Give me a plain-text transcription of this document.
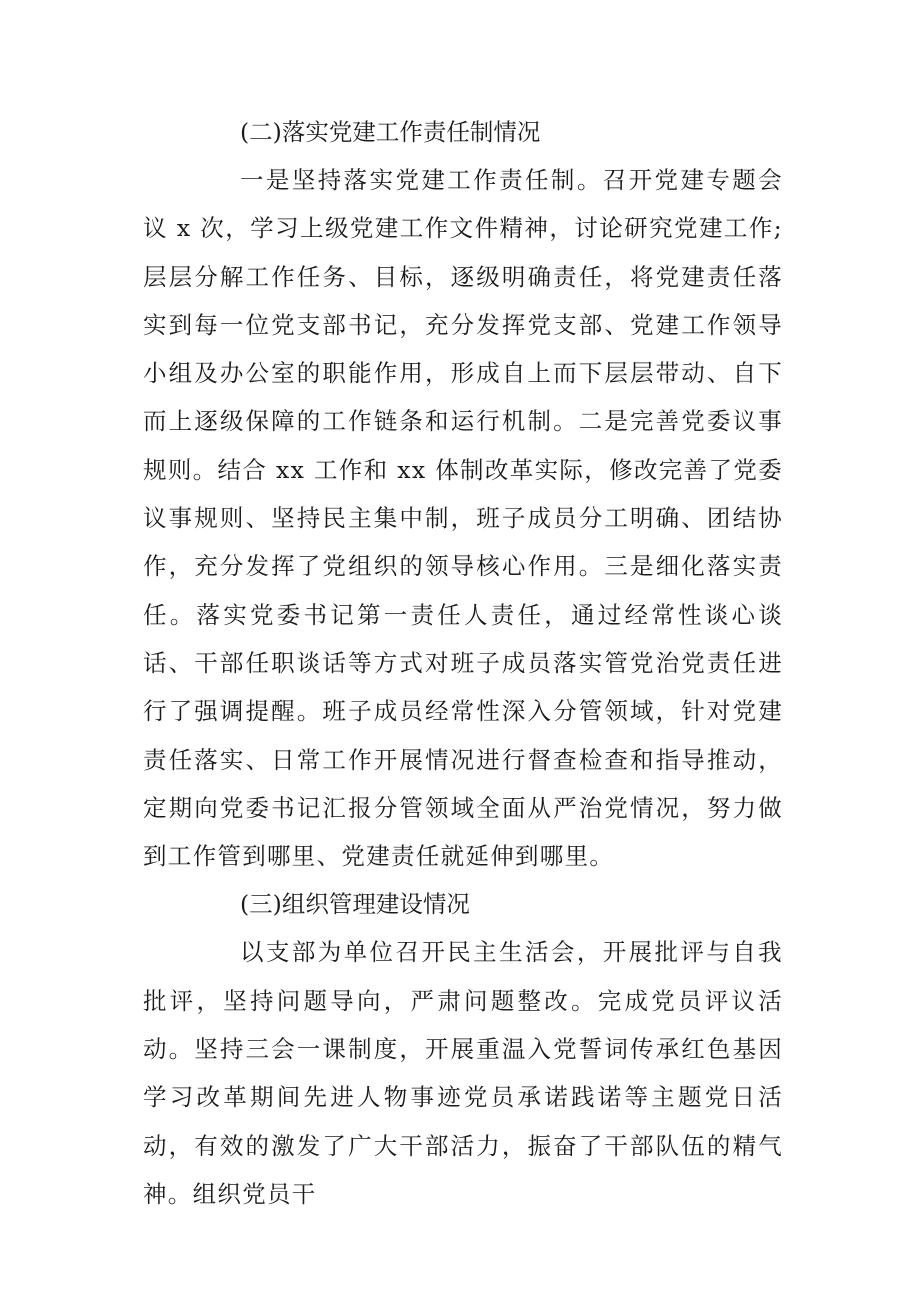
(二)落实党建工作责任制情况

一是坚持落实党建工作责任制。召开党建专题会议 x 次，学习上级党建工作文件精神，讨论研究党建工作;层层分解工作任务、目标，逐级明确责任，将党建责任落实到每一位党支部书记，充分发挥党支部、党建工作领导小组及办公室的职能作用，形成自上而下层层带动、自下而上逐级保障的工作链条和运行机制。二是完善党委议事规则。结合 xx 工作和 xx 体制改革实际，修改完善了党委议事规则、坚持民主集中制，班子成员分工明确、团结协作，充分发挥了党组织的领导核心作用。三是细化落实责任。落实党委书记第一责任人责任，通过经常性谈心谈话、干部任职谈话等方式对班子成员落实管党治党责任进行了强调提醒。班子成员经常性深入分管领域，针对党建责任落实、日常工作开展情况进行督查检查和指导推动，定期向党委书记汇报分管领域全面从严治党情况，努力做到工作管到哪里、党建责任就延伸到哪里。

(三)组织管理建设情况

以支部为单位召开民主生活会，开展批评与自我批评，坚持问题导向，严肃问题整改。完成党员评议活动。坚持三会一课制度，开展重温入党誓词传承红色基因学习改革期间先进人物事迹党员承诺践诺等主题党日活动，有效的激发了广大干部活力，振奋了干部队伍的精气神。组织党员干
